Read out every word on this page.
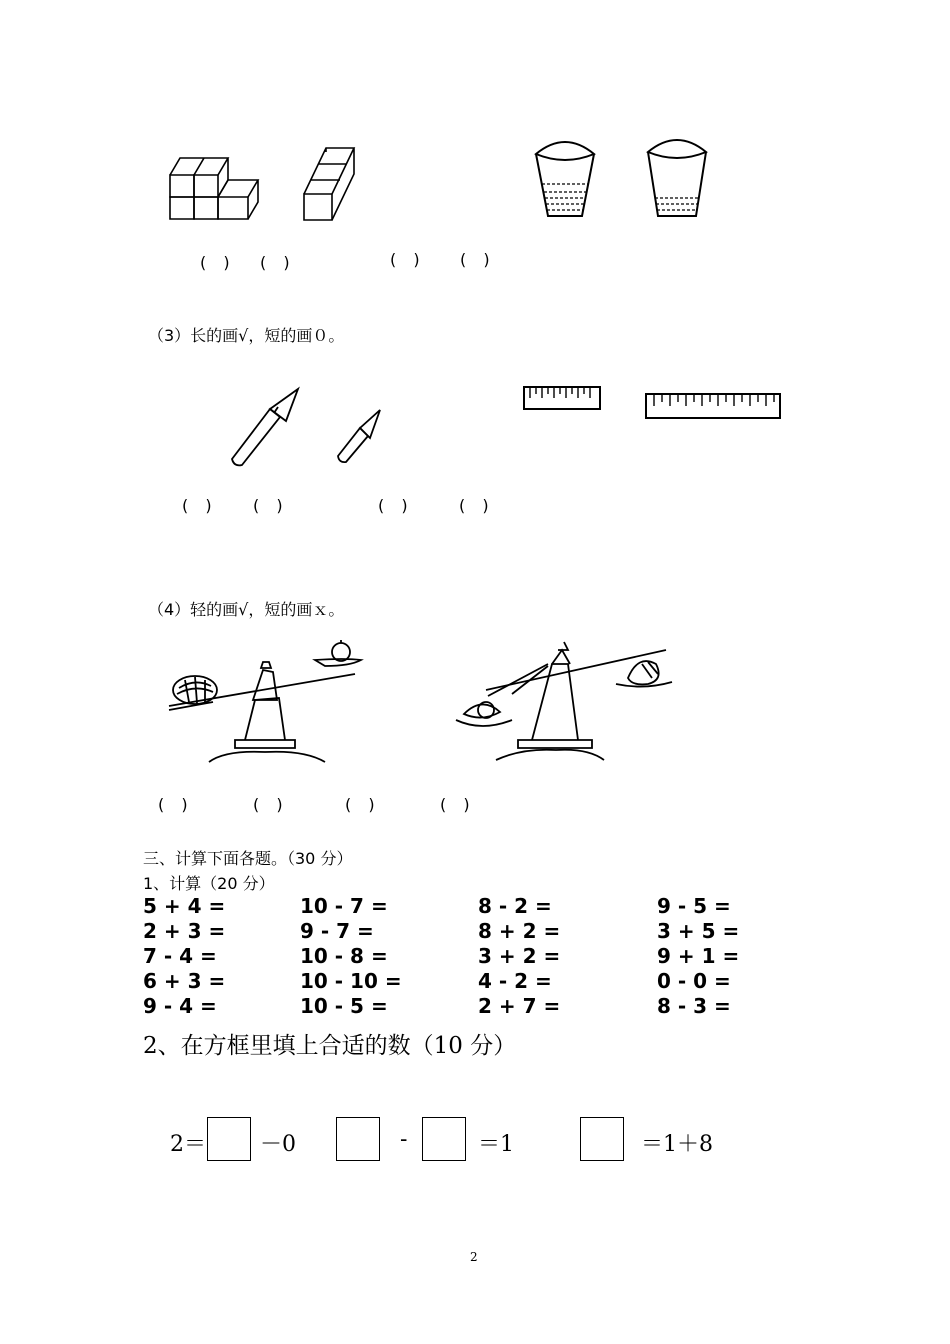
( ) ( )	( ) ( )
（3）长的画√，短的画０。
( ) ( )	( )	( )
（4）轻的画√，短的画ｘ。
( )	( )	( )	( )
三、计算下面各题。（30 分）
1、计算（20 分）
5 + 4 =	10 - 7 =	8 - 2 =	9 - 5 =
2 + 3 =	9 - 7 =	8 + 2 =	3 + 5 =
7 - 4 =	10 - 8 =	3 + 2 =	9 + 1 =
6 + 3 =	10 - 10 =	4 - 2 =	0 - 0 =
9 - 4 =	10 - 5 =	2 + 7 =	8 - 3 =
2、在方框里填上合适的数（10 分）
2＝ －0	-	＝1	＝1＋8
2
